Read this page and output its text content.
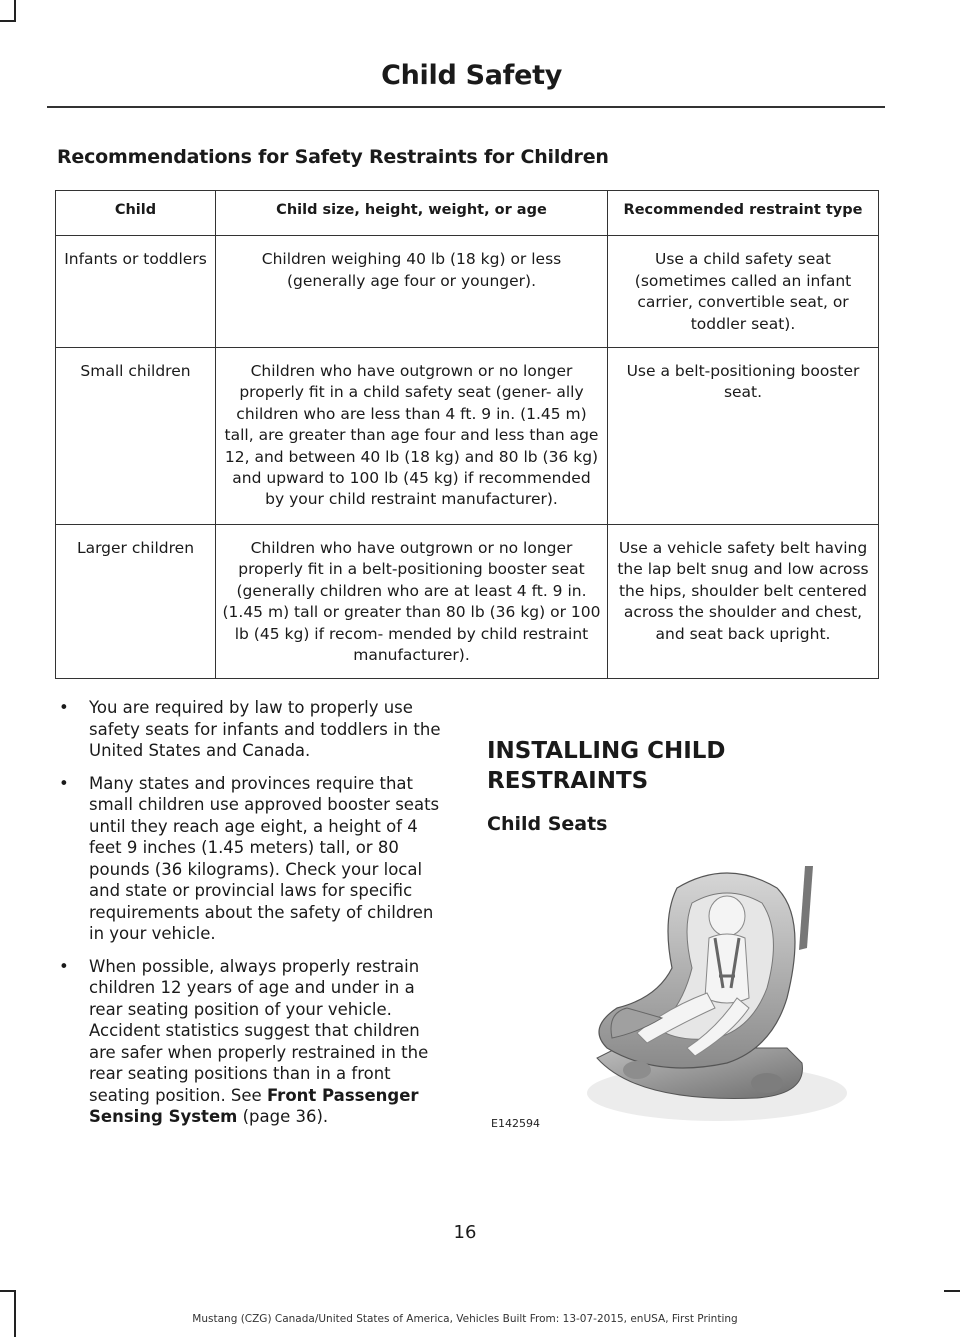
Child Safety
Recommendations for Safety Restraints for Children
Child	Child size, height, weight, or age	Recommended restraint type
Infants or toddlers	Children weighing 40 lb (18 kg) or less (generally age four or younger).	Use a child safety seat (sometimes called an infant carrier, convertible seat, or toddler seat).
Small children	Children who have outgrown or no longer properly fit in a child safety seat (gener- ally children who are less than 4 ft. 9 in. (1.45 m) tall, are greater than age four and less than age 12, and between 40 lb (18 kg) and 80 lb (36 kg) and upward to 100 lb (45 kg) if recommended by your child restraint manufacturer).	Use a belt-positioning booster seat.
Larger children	Children who have outgrown or no longer properly fit in a belt-positioning booster seat (generally children who are at least 4 ft. 9 in. (1.45 m) tall or greater than 80 lb (36 kg) or 100 lb (45 kg) if recom- mended by child restraint manufacturer).	Use a vehicle safety belt having the lap belt snug and low across the hips, shoulder belt centered across the shoulder and chest, and seat back upright.
• You are required by law to properly use safety seats for infants and toddlers in the United States and Canada.
• Many states and provinces require that small children use approved booster seats until they reach age eight, a height of 4 feet 9 inches (1.45 meters) tall, or 80 pounds (36 kilograms). Check your local and state or provincial laws for specific requirements about the safety of children in your vehicle.
• When possible, always properly restrain children 12 years of age and under in a rear seating position of your vehicle. Accident statistics suggest that children are safer when properly restrained in the rear seating positions than in a front seating position. See Front Passenger Sensing System (page 36).
INSTALLING CHILD RESTRAINTS
Child Seats
E142594
16
Mustang (CZG) Canada/United States of America, Vehicles Built From: 13-07-2015, enUSA, First Printing
